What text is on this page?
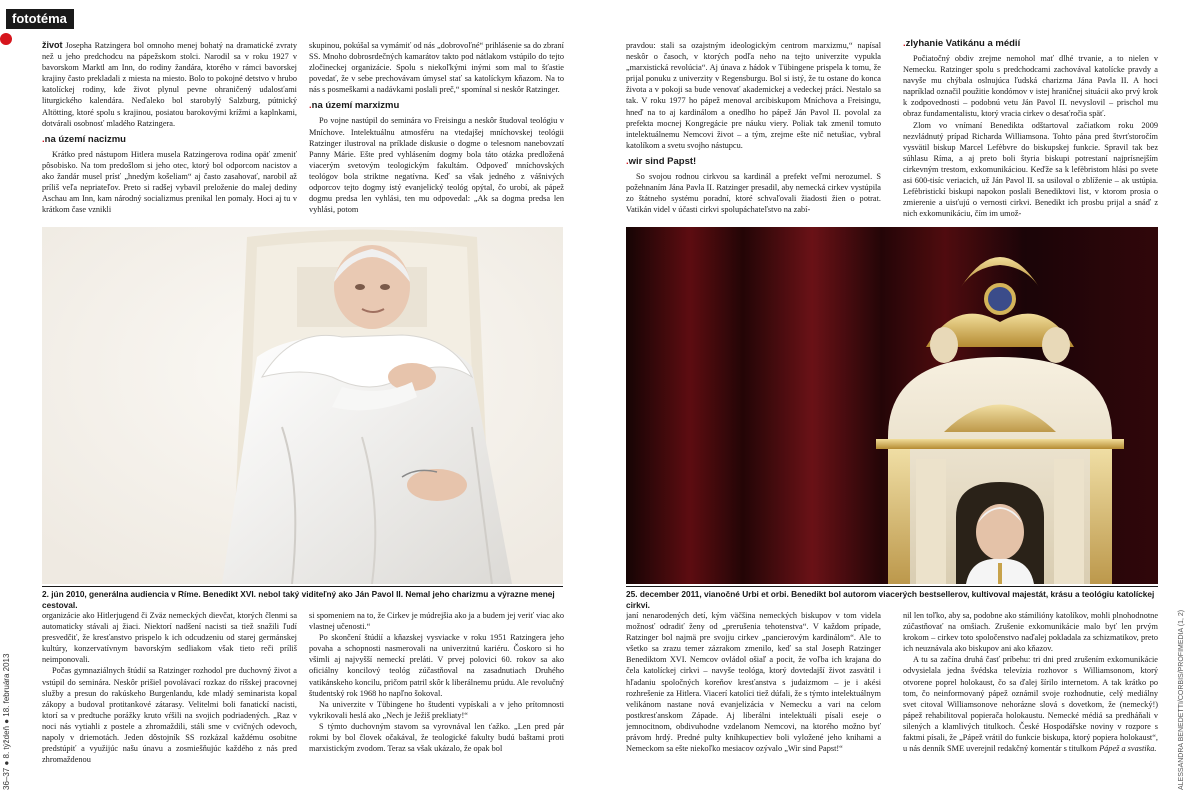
fototéma
36–37 ● 8. týždeň ● 18. februára 2013	ALESSANDRA BENEDETTI/CORBIS/PROFIMEDIA (1, 2)

život Josepha Ratzingera bol omnoho menej bohatý na dramatické zvraty než u jeho predchodcu na pápežskom stolci. Narodil sa v roku 1927 v bavorskom Marktl am Inn, do rodiny žandára, ktorého v rámci bavorskej krajiny často prekladali z miesta na miesto. Bolo to pokojné detstvo v hrubo katolíckej rodiny, kde život plynul pevne ohraničený udalosťami liturgického kalendára. Neďaleko bol starobylý Salzburg, pútnický Altötting, ktoré spolu s krajinou, posiatou barokovými krížmi a kaplnkami, dotvárali osobnosť mladého Ratzingera.

.na území nacizmu

Krátko pred nástupom Hitlera musela Ratzingerova rodina opäť zmeniť pôsobisko. Na tom predošlom si jeho otec, ktorý bol odporcom nacistov a ako žandár musel prísť „hnedým košeliam“ aj často zasahovať, narobil až príliš veľa nepriateľov. Preto si radšej vybavil preloženie do malej dediny Aschau am Inn, kam národný socializmus prenikal len pomaly. Hoci aj tu v krátkom čase vznikli

skupinou, pokúšal sa vymámiť od nás „dobrovoľné“ prihlásenie sa do zbraní SS. Mnoho dobrosrdečných kamarátov takto pod nátlakom vstúpilo do tejto zločineckej organizácie. Spolu s niekoľkými inými som mal to šťastie povedať, že v sebe prechovávam úmysel stať sa katolíckym kňazom. Na to nás s posmeškami a nadávkami poslali preč,“ spomínal si neskôr Ratzinger.

.na území marxizmu

Po vojne nastúpil do seminára vo Freisingu a neskôr študoval teológiu v Mníchove. Intelektuálnu atmosféru na vtedajšej mníchovskej teológii Ratzinger ilustroval na príklade diskusie o dogme o telesnom nanebovzatí Panny Márie. Ešte pred vyhlásením dogmy bola táto otázka predložená viacerým svetovým teologickým fakultám. Odpoveď mníchovských teológov bola striktne negatívna. Keď sa však jedného z vášnivých odporcov tejto dogmy istý evanjelický teológ opýtal, čo urobí, ak pápež dogmu predsa len vyhlási, ten mu odpovedal: „Ak sa dogma predsa len vyhlási, potom

pravdou: stali sa ozajstným ideologickým centrom marxizmu,“ napísal neskôr o časoch, v ktorých podľa neho na tejto univerzite vypukla „marxistická revolúcia“. Aj únava z hádok v Tübingene prispela k tomu, že prijal ponuku z univerzity v Regensburgu. Bol si istý, že tu ostane do konca života a v pokoji sa bude venovať akademickej a vedeckej práci. Nestalo sa tak. V roku 1977 ho pápež menoval arcibiskupom Mníchova a Freisingu, hneď na to aj kardinálom a onedlho ho pápež Ján Pavol II. povolal za prefekta mocnej Kongregácie pre náuku viery. Poliak tak zmenil tomuto intelektuálnemu Nemcovi život – a tým, zrejme ešte nič netušiac, vybral katolíkom a svetu svojho nástupcu.

.wir sind Papst!

So svojou rodnou cirkvou sa kardinál a prefekt veľmi nerozumel. S požehnaním Jána Pavla II. Ratzinger presadil, aby nemecká cirkev vystúpila zo štátneho systému poradní, ktoré schvaľovali žiadosti žien o potrat. Vatikán videl v účasti cirkvi spolupáchateľstvo na zabí-

.zlyhanie Vatikánu a médií

Počiatočný obdiv zrejme nemohol mať dlhé trvanie, a to nielen v Nemecku. Ratzinger spolu s predchodcami zachovával katolícke pravdy a navyše mu chýbala oslnujúca ľudská charizma Jána Pavla II. A hoci napríklad označil použitie kondómov v istej hraničnej situácii ako prvý krok k zodpovednosti – podobnú vetu Ján Pavol II. nevyslovil – prischol mu obraz fundamentalistu, ktorý vracia cirkev o desaťročia späť.

Zlom vo vnímaní Benedikta odštartoval začiatkom roku 2009 nezvládnutý prípad Richarda Williamsona. Tohto pána pred štvrťstoročím vysvätil biskup Marcel Lefèbvre do biskupskej funkcie. Spravil tak bez súhlasu Ríma, a aj preto boli štyria biskupi potrestaní najprísnejším cirkevným trestom, exkomunikáciou. Keďže sa k lefèbristom hlási po svete asi 600-tisíc veriacich, už Ján Pavol II. sa usiloval o zblíženie – ak ustúpia. Lefèbristickí biskupi napokon poslali Benediktovi list, v ktorom prosia o zmierenie a uisťujú o vernosti cirkvi. Benedikt ich prosbu prijal a snáď z nich exkomunikáciu, čím im umož-

2. jún 2010, generálna audiencia v Ríme. Benedikt XVI. nebol taký viditeľný ako Ján Pavol II. Nemal jeho charizmu a výrazne menej cestoval.
25. december 2011, vianočné Urbi et orbi. Benedikt bol autorom viacerých bestsellerov, kultivoval majestát, krásu a teológiu katolíckej cirkvi.

organizácie ako Hitlerjugend či Zväz nemeckých dievčat, ktorých členmi sa automaticky stávali aj žiaci. Niektorí nadšení nacisti sa tiež snažili ľudí presvedčiť, že kresťanstvo prispelo k ich odcudzeniu od starej germánskej kultúry, konzervatívnym bavorským sedliakom však tieto reči príliš neimponovali.

Počas gymnaziálnych štúdií sa Ratzinger rozhodol pre duchovný život a vstúpil do seminára. Neskôr prišiel povolávací rozkaz do ríšskej pracovnej služby a presun do rakúskeho Burgenlandu, kde mladý seminarista kopal zákopy a budoval protitankové zátarasy. Velitelmi boli fanatickí nacisti, ktorí sa v predtuche porážky kruto vŕšili na svojich podriadených. „Raz v noci nás vytiahli z postele a zhromaždili, stáli sme v cvičných odevoch, napoly v driemotách. Jeden dôstojník SS rozkázal každému osobitne predstúpiť a využijúc našu únavu a zosmiešňujúc každého z nás pred zhromaždenou

si spomeniem na to, že Cirkev je múdrejšia ako ja a budem jej veriť viac ako vlastnej učenosti.“

Po skončení štúdií a kňazskej vysviacke v roku 1951 Ratzingera jeho povaha a schopnosti nasmerovali na univerzitnú kariéru. Čoskoro si ho všimli aj najvyšší nemeckí preláti. V prvej polovici 60. rokov sa ako oficiálny koncilový teológ zúčastňoval na zasadnutiach Druhého vatikánskeho koncilu, pričom patril skôr k liberálnemu prúdu. Ale revolučný študentský rok 1968 ho napľno šokoval.

Na univerzite v Tübingene ho študenti vypískali a v jeho prítomnosti vykrikovali heslá ako „Nech je Ježiš prekliaty!“

S týmto duchovným stavom sa vyrovnával len ťažko. „Len pred pár rokmi by bol človek očakával, že teologické fakulty budú baštami proti marxistickým zvodom. Teraz sa však ukázalo, že opak bol

janí nenarodených detí, kým väčšina nemeckých biskupov v tom videla možnosť odradiť ženy od „prerušenia tehotenstva“. V každom prípade, Ratzinger bol najmä pre svojju cirkev „pancierovým kardinálom“. Ale to všetko sa zrazu temer zázrakom zmenilo, keď sa stal Joseph Ratzinger Benediktom XVI. Nemcov ovládol ošiaľ a pocit, že voľba ich krajana do čela katolíckej cirkvi – navyše teológa, ktorý dovtedajší život zasvätil i hľadaniu spoločných koreňov kresťanstva s judaizmom – je i akési rozhrešenie za Hitlera. Viacerí katolíci tiež dúfali, že s týmto intelektuálnym velikánom nastane nová evanjelizácia v Nemecku a vari na celom postkresťanskom Západe. Aj liberálni intelektuáli písali eseje o jemnocitnom, obdivuhodne vzdelanom Nemcovi, na ktorého možno byť právom hrdý. Predné pulty kníhkupectiev boli vyložené jeho knihami a Nemeckom sa ešte niekoľko mesiacov ozývalo „Wir sind Papst!“

nil len toľko, aby sa, podobne ako stámilióny katolíkov, mohli plnohodnotne zúčastňovať na omšiach. Zrušenie exkomunikácie malo byť len prvým krokom – cirkev toto spoločenstvo naďalej pokladala za schizmatikov, preto ich neuznávala ako biskupov ani ako kňazov.

A tu sa začína druhá časť príbehu: tri dni pred zrušením exkomunikácie odvysielala jedna švédska televízia rozhovor s Williamsonom, ktorý otvorene poprel holokaust, čo sa ďalej šírilo internetom. A tak krátko po tom, čo neinformovaný pápež oznámil svoje rozhodnutie, celý mediálny svet citoval Williamsonove nehorázne slová s dovetkom, že (nemecký!) pápež rehabilitoval popierača holokaustu. Nemecké médiá sa predháňali v silených a klamlivých titulkoch. České Hospodářske noviny v rozpore s faktmi písali, že „Pápež vrátil do funkcie biskupa, ktorý popiera holokaust“, u nás denník SME uverejnil redakčný komentár s titulkom Pápež a svastika.
